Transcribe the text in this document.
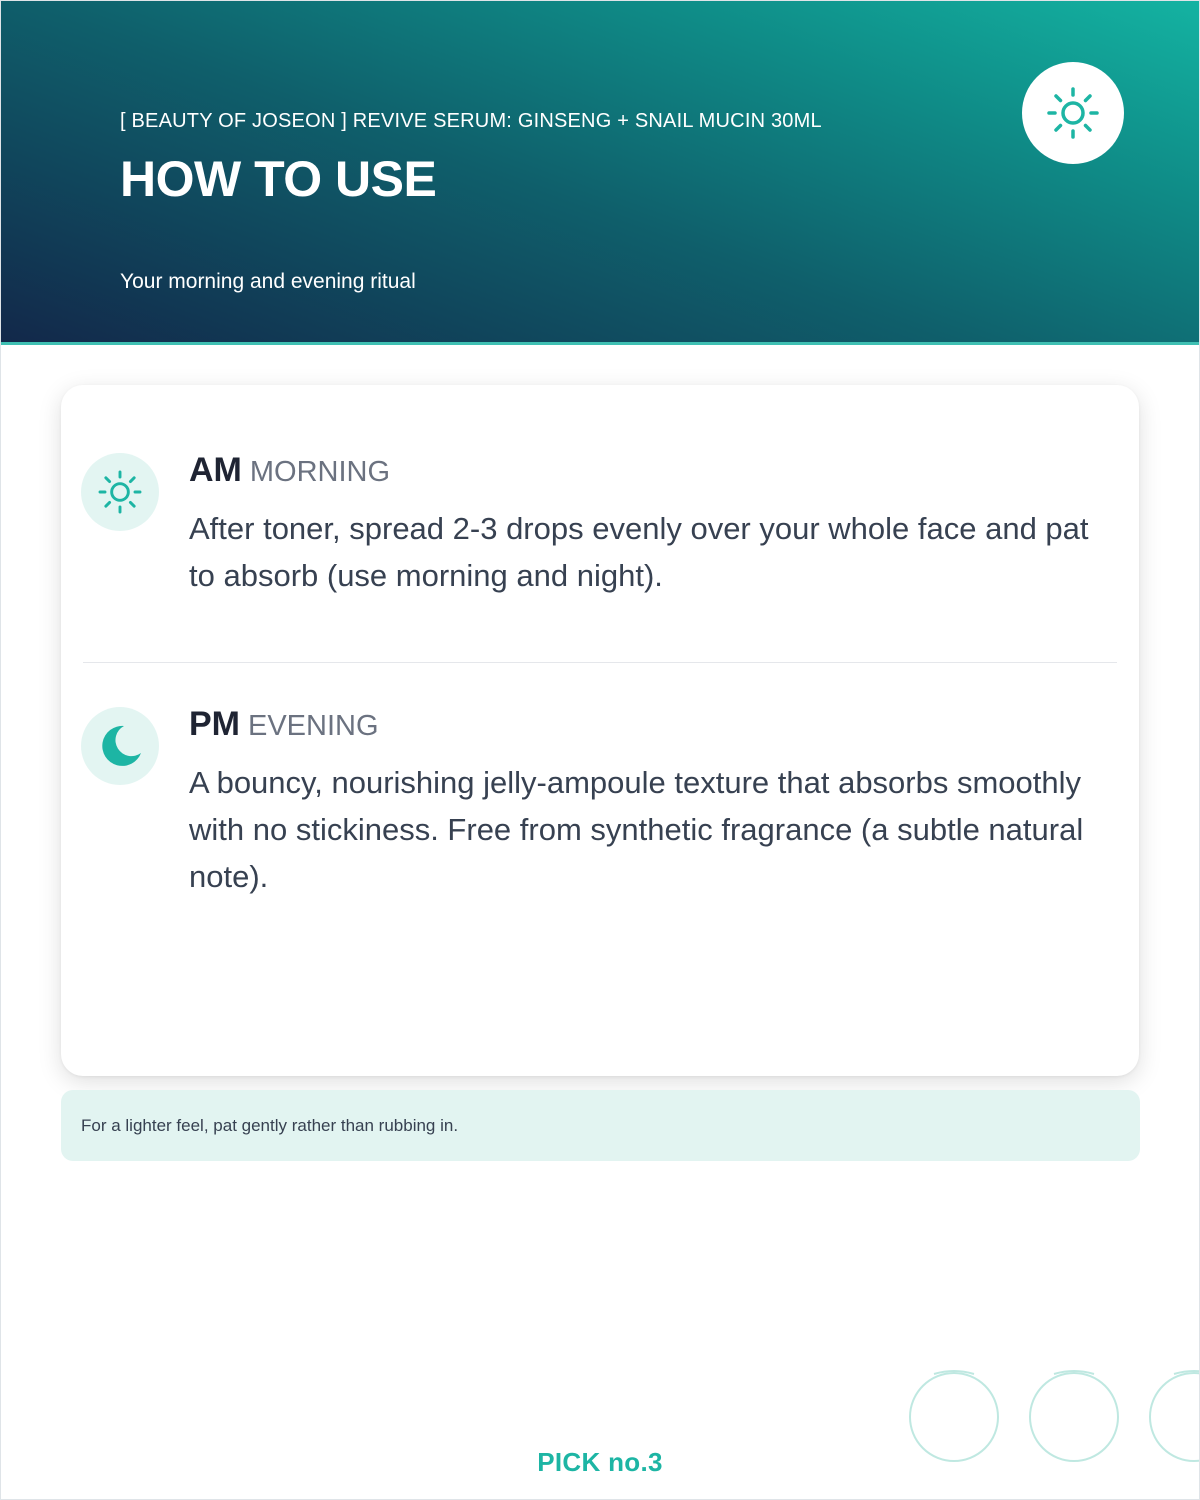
[ BEAUTY OF JOSEON ] REVIVE SERUM: GINSENG + SNAIL MUCIN 30ML
HOW TO USE
Your morning and evening ritual
AM MORNING
After toner, spread 2-3 drops evenly over your whole face and pat to absorb (use morning and night).
PM EVENING
A bouncy, nourishing jelly-ampoule texture that absorbs smoothly with no stickiness. Free from synthetic fragrance (a subtle natural note).
For a lighter feel, pat gently rather than rubbing in.
PICK no.3
